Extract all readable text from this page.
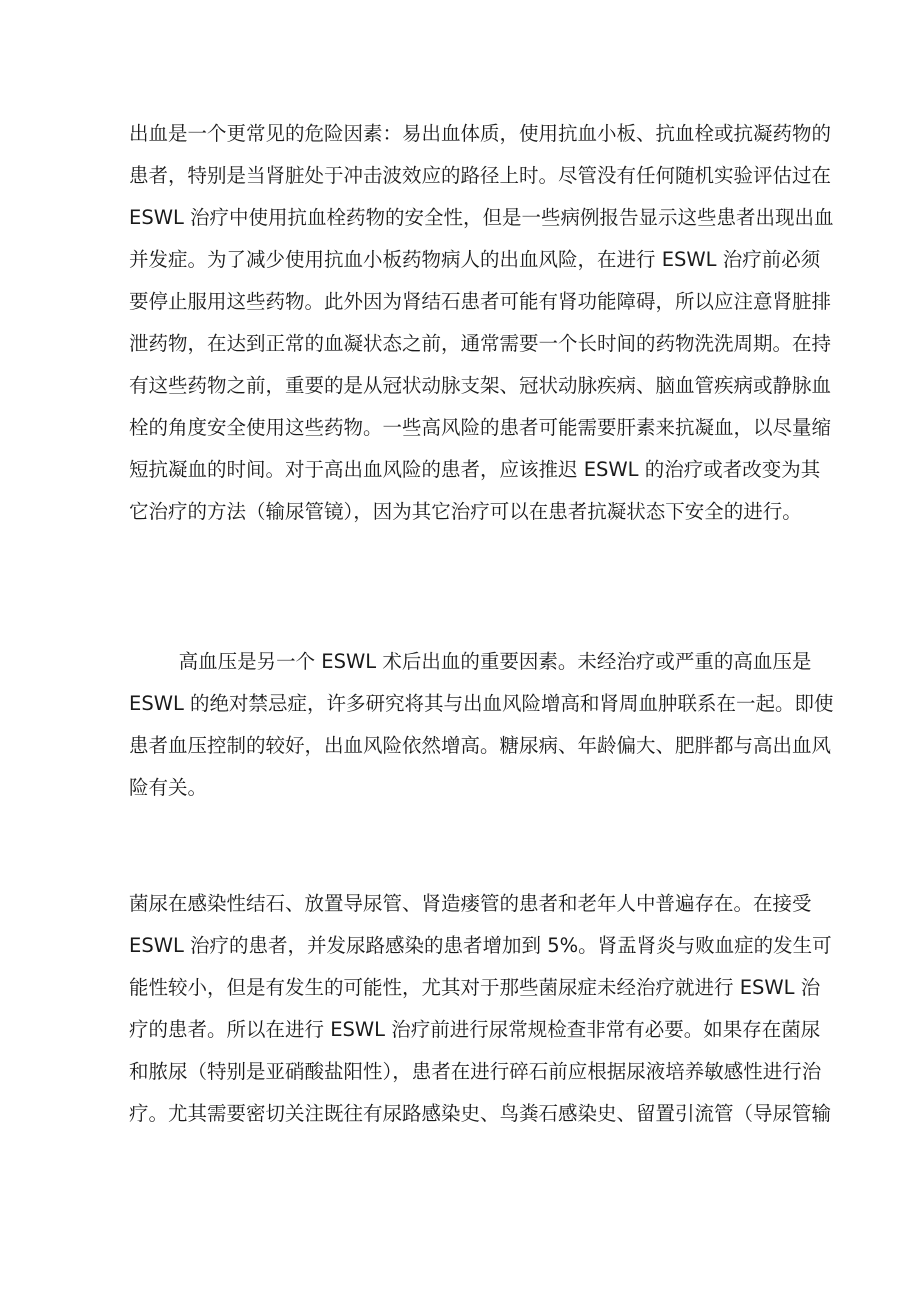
出血是一个更常见的危险因素：易出血体质，使用抗血小板、抗血栓或抗凝药物的
患者，特别是当肾脏处于冲击波效应的路径上时。尽管没有任何随机实验评估过在
ESWL 治疗中使用抗血栓药物的安全性，但是一些病例报告显示这些患者出现出血
并发症。为了减少使用抗血小板药物病人的出血风险，在进行 ESWL 治疗前必须
要停止服用这些药物。此外因为肾结石患者可能有肾功能障碍，所以应注意肾脏排
泄药物，在达到正常的血凝状态之前，通常需要一个长时间的药物洗洗周期。在持
有这些药物之前，重要的是从冠状动脉支架、冠状动脉疾病、脑血管疾病或静脉血
栓的角度安全使用这些药物。一些高风险的患者可能需要肝素来抗凝血，以尽量缩
短抗凝血的时间。对于高出血风险的患者，应该推迟 ESWL 的治疗或者改变为其
它治疗的方法（输尿管镜），因为其它治疗可以在患者抗凝状态下安全的进行。
高血压是另一个 ESWL 术后出血的重要因素。未经治疗或严重的高血压是
ESWL 的绝对禁忌症，许多研究将其与出血风险增高和肾周血肿联系在一起。即使
患者血压控制的较好，出血风险依然增高。糖尿病、年龄偏大、肥胖都与高出血风
险有关。
菌尿在感染性结石、放置导尿管、肾造瘘管的患者和老年人中普遍存在。在接受
ESWL 治疗的患者，并发尿路感染的患者增加到 5%。肾盂肾炎与败血症的发生可
能性较小，但是有发生的可能性，尤其对于那些菌尿症未经治疗就进行 ESWL 治
疗的患者。所以在进行 ESWL 治疗前进行尿常规检查非常有必要。如果存在菌尿
和脓尿（特别是亚硝酸盐阳性），患者在进行碎石前应根据尿液培养敏感性进行治
疗。尤其需要密切关注既往有尿路感染史、鸟粪石感染史、留置引流管（导尿管输
